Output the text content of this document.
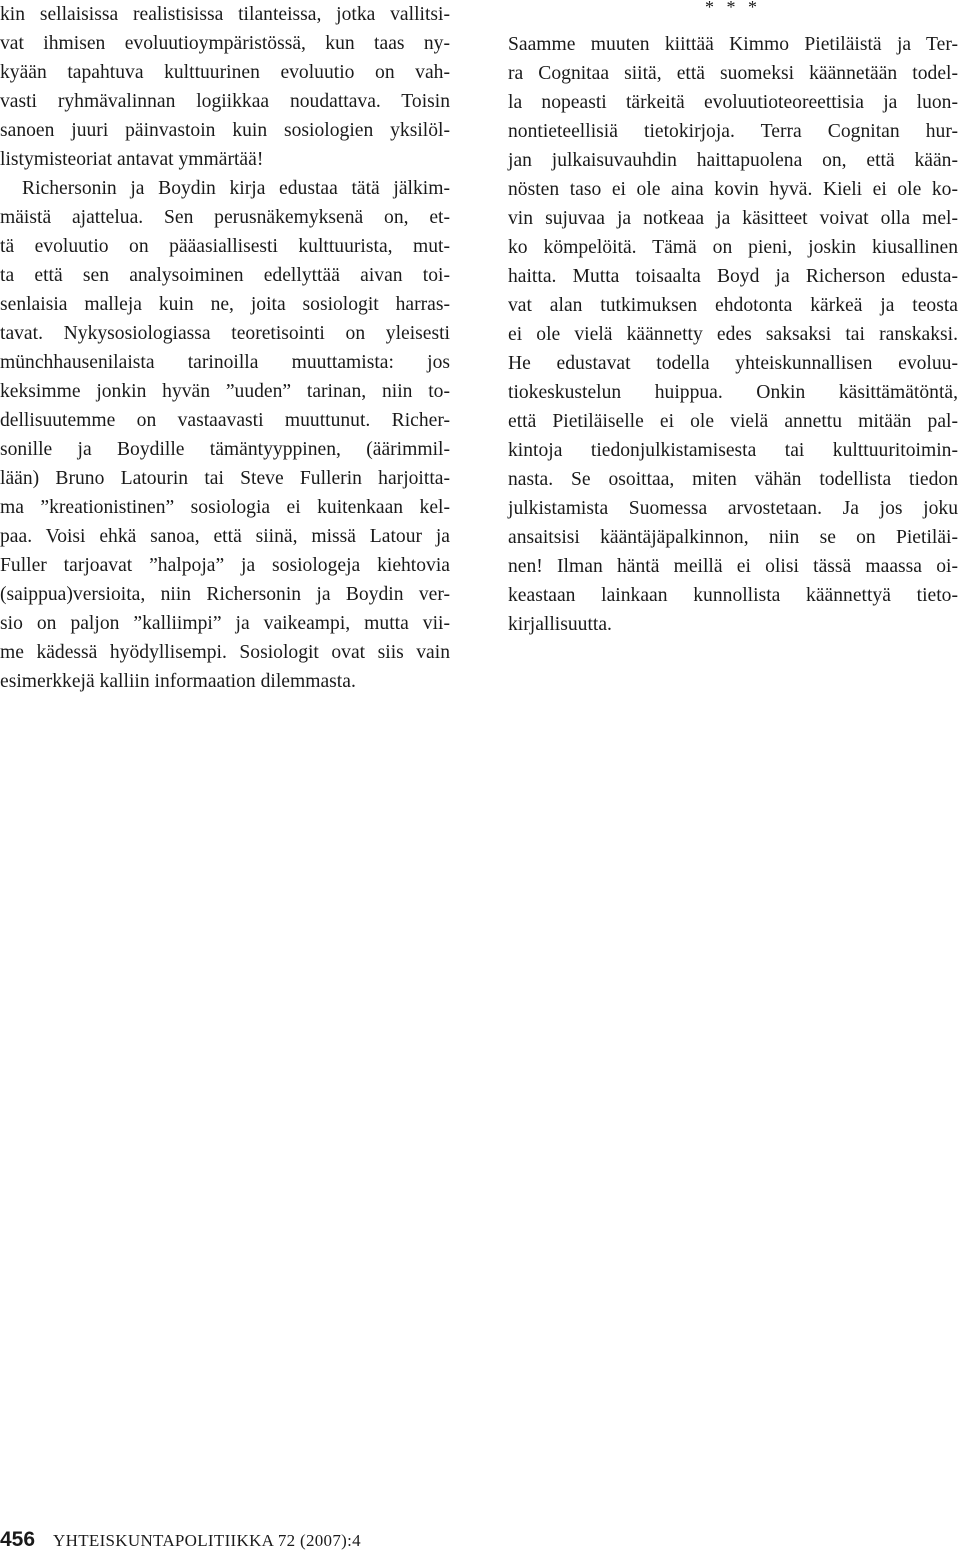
kin sellaisissa realistisissa tilanteissa, jotka vallitsi-
vat ihmisen evoluutioympäristössä, kun taas ny-
kyään tapahtuva kulttuurinen evoluutio on vah-
vasti ryhmävalinnan logiikkaa noudattava. Toisin
sanoen juuri päinvastoin kuin sosiologien yksilöl-
listymisteoriat antavat ymmärtää!
Richersonin ja Boydin kirja edustaa tätä jälkim-
mäistä ajattelua. Sen perusnäkemyksenä on, et-
tä evoluutio on pääasiallisesti kulttuurista, mut-
ta että sen analysoiminen edellyttää aivan toi-
senlaisia malleja kuin ne, joita sosiologit harras-
tavat. Nykysosiologiassa teoretisointi on yleisesti
münchhausenilaista tarinoilla muuttamista: jos
keksimme jonkin hyvän ”uuden” tarinan, niin to-
dellisuutemme on vastaavasti muuttunut. Richer-
sonille ja Boydille tämäntyyppinen, (äärimmil-
lään) Bruno Latourin tai Steve Fullerin harjoitta-
ma ”kreationistinen” sosiologia ei kuitenkaan kel-
paa. Voisi ehkä sanoa, että siinä, missä Latour ja
Fuller tarjoavat ”halpoja” ja sosiologeja kiehtovia
(saippua)versioita, niin Richersonin ja Boydin ver-
sio on paljon ”kalliimpi” ja vaikeampi, mutta vii-
me kädessä hyödyllisempi. Sosiologit ovat siis vain
esimerkkejä kalliin informaation dilemmasta.
* * *
Saamme muuten kiittää Kimmo Pietiläistä ja Ter-
ra Cognitaa siitä, että suomeksi käännetään todel-
la nopeasti tärkeitä evoluutioteoreettisia ja luon-
nontieteellisiä tietokirjoja. Terra Cognitan hur-
jan julkaisuvauhdin haittapuolena on, että kään-
nösten taso ei ole aina kovin hyvä. Kieli ei ole ko-
vin sujuvaa ja notkeaa ja käsitteet voivat olla mel-
ko kömpelöitä. Tämä on pieni, joskin kiusallinen
haitta. Mutta toisaalta Boyd ja Richerson edusta-
vat alan tutkimuksen ehdotonta kärkeä ja teosta
ei ole vielä käännetty edes saksaksi tai ranskaksi.
He edustavat todella yhteiskunnallisen evoluu-
tiokeskustelun huippua. Onkin käsittämätöntä,
että Pietiläiselle ei ole vielä annettu mitään pal-
kintoja tiedonjulkistamisesta tai kulttuuritoimin-
nasta. Se osoittaa, miten vähän todellista tiedon
julkistamista Suomessa arvostetaan. Ja jos joku
ansaitsisi kääntäjäpalkinnon, niin se on Pietiläi-
nen! Ilman häntä meillä ei olisi tässä maassa oi-
keastaan lainkaan kunnollista käännettyä tieto-
kirjallisuutta.
456 YHTEISKUNTAPOLITIIKKA 72 (2007):4
